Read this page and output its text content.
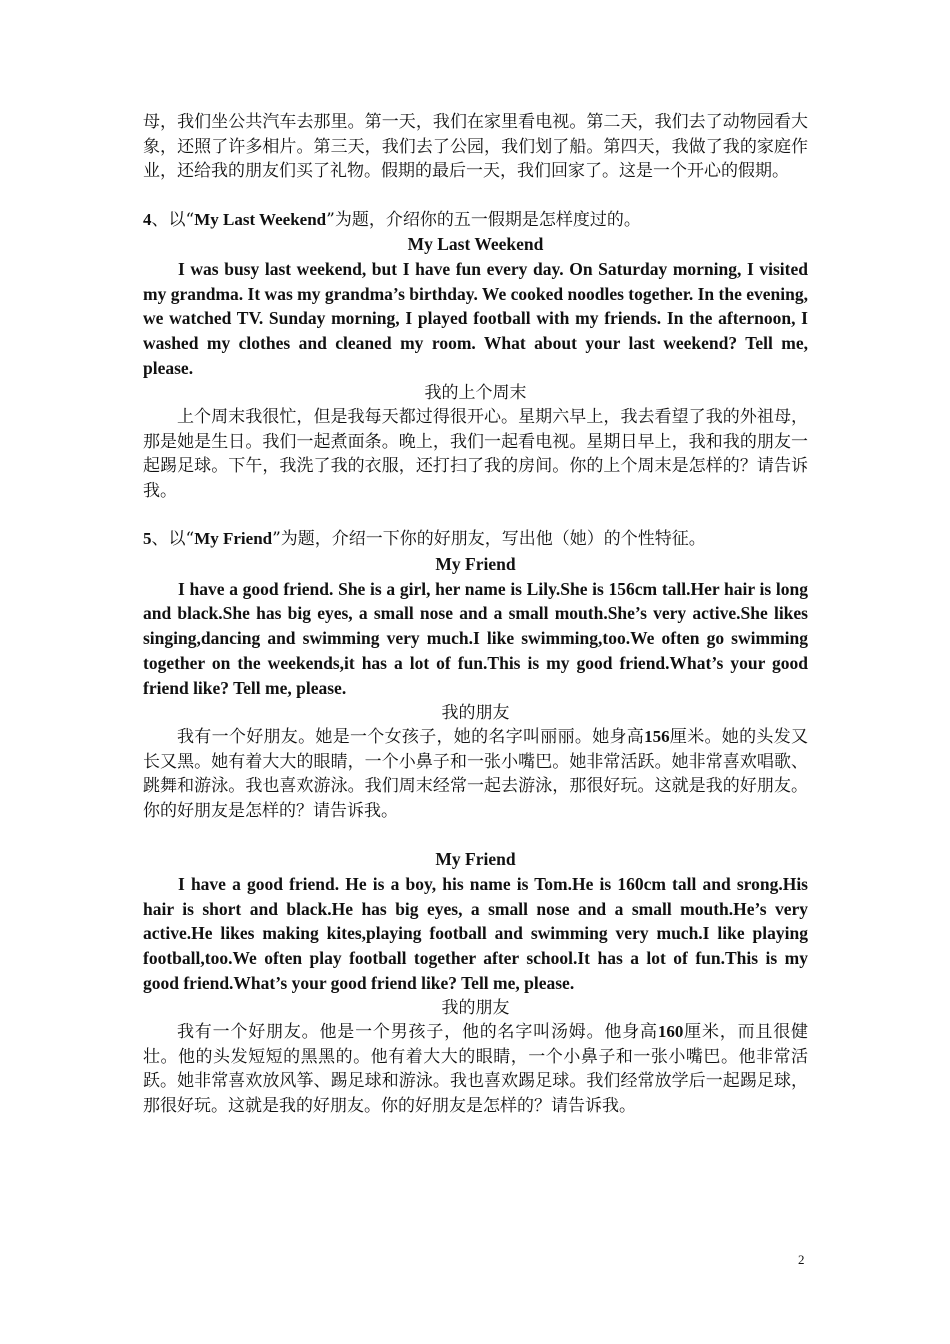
母，我们坐公共汽车去那里。第一天，我们在家里看电视。第二天，我们去了动物园看大象，还照了许多相片。第三天，我们去了公园，我们划了船。第四天，我做了我的家庭作业，还给我的朋友们买了礼物。假期的最后一天，我们回家了。这是一个开心的假期。

4、以“My Last Weekend”为题，介绍你的五一假期是怎样度过的。

My Last Weekend

I was busy last weekend, but I have fun every day. On Saturday morning, I visited my grandma. It was my grandma’s birthday. We cooked noodles together. In the evening, we watched TV. Sunday morning, I played football with my friends. In the afternoon, I washed my clothes and cleaned my room. What about your last weekend? Tell me, please.

我的上个周末

上个周末我很忙，但是我每天都过得很开心。星期六早上，我去看望了我的外祖母，那是她是生日。我们一起煮面条。晚上，我们一起看电视。星期日早上，我和我的朋友一起踢足球。下午，我洗了我的衣服，还打扫了我的房间。你的上个周末是怎样的？请告诉我。

5、以“My Friend”为题，介绍一下你的好朋友，写出他（她）的个性特征。

My Friend

I have a good friend. She is a girl, her name is Lily.She is 156cm tall.Her hair is long and black.She has big eyes, a small nose and a small mouth.She’s very active.She likes singing,dancing and swimming very much.I like swimming,too.We often go swimming together on the weekends,it has a lot of fun.This is my good friend.What’s your good friend like? Tell me, please.

我的朋友

我有一个好朋友。她是一个女孩子，她的名字叫丽丽。她身高156厘米。她的头发又长又黑。她有着大大的眼睛，一个小鼻子和一张小嘴巴。她非常活跃。她非常喜欢唱歌、跳舞和游泳。我也喜欢游泳。我们周末经常一起去游泳，那很好玩。这就是我的好朋友。你的好朋友是怎样的？请告诉我。

My Friend

I have a good friend. He is a boy, his name is Tom.He is 160cm tall and srong.His hair is short and black.He has big eyes, a small nose and a small mouth.He’s very active.He likes making kites,playing football and swimming very much.I like playing football,too.We often play football together after school.It has a lot of fun.This is my good friend.What’s your good friend like? Tell me, please.

我的朋友

我有一个好朋友。他是一个男孩子，他的名字叫汤姆。他身高160厘米，而且很健壮。他的头发短短的黑黑的。他有着大大的眼睛，一个小鼻子和一张小嘴巴。他非常活跃。她非常喜欢放风筝、踢足球和游泳。我也喜欢踢足球。我们经常放学后一起踢足球，那很好玩。这就是我的好朋友。你的好朋友是怎样的？请告诉我。

2
